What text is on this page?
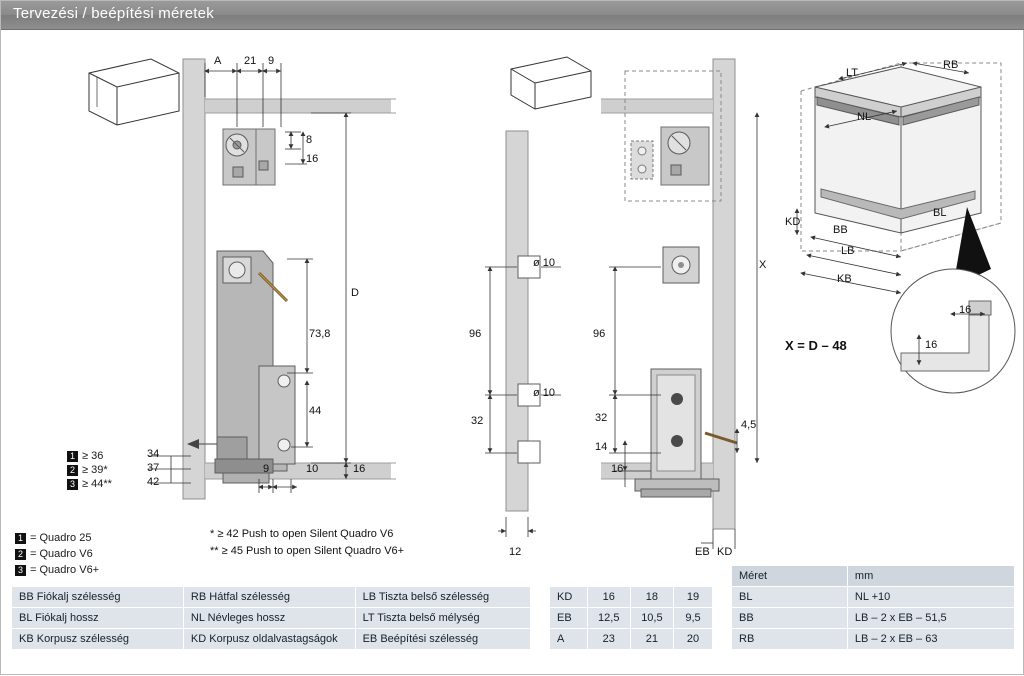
Tervezési / beépítési méretek
A 21 9
8
16
D
73,8
44
34
37
42
9	10	16
1 ≥ 36
2 ≥ 39*
3 ≥ 44**
96
32
ø 10
ø 10
12
96
32
14
16
4,5
X
X = D – 48
EB KD
LT
RB
NL
BL
KD
BB
LB
KB
16
16
* ≥ 42 Push to open Silent Quadro V6
** ≥ 45 Push to open Silent Quadro V6+
1 = Quadro 25
2 = Quadro V6
3 = Quadro V6+
BB Fiókalj szélesség	RB Hátfal szélesség	LB Tiszta belső szélesség
BL Fiókalj hossz	NL Névleges hossz	LT Tiszta belső mélység
KB Korpusz szélesség	KD Korpusz oldalvastagságok	EB Beépítési szélesség
KD	16	18	19
EB	12,5	10,5	9,5
A	23	21	20
Méret	mm
BL	NL +10
BB	LB – 2 x EB – 51,5
RB	LB – 2 x EB – 63
